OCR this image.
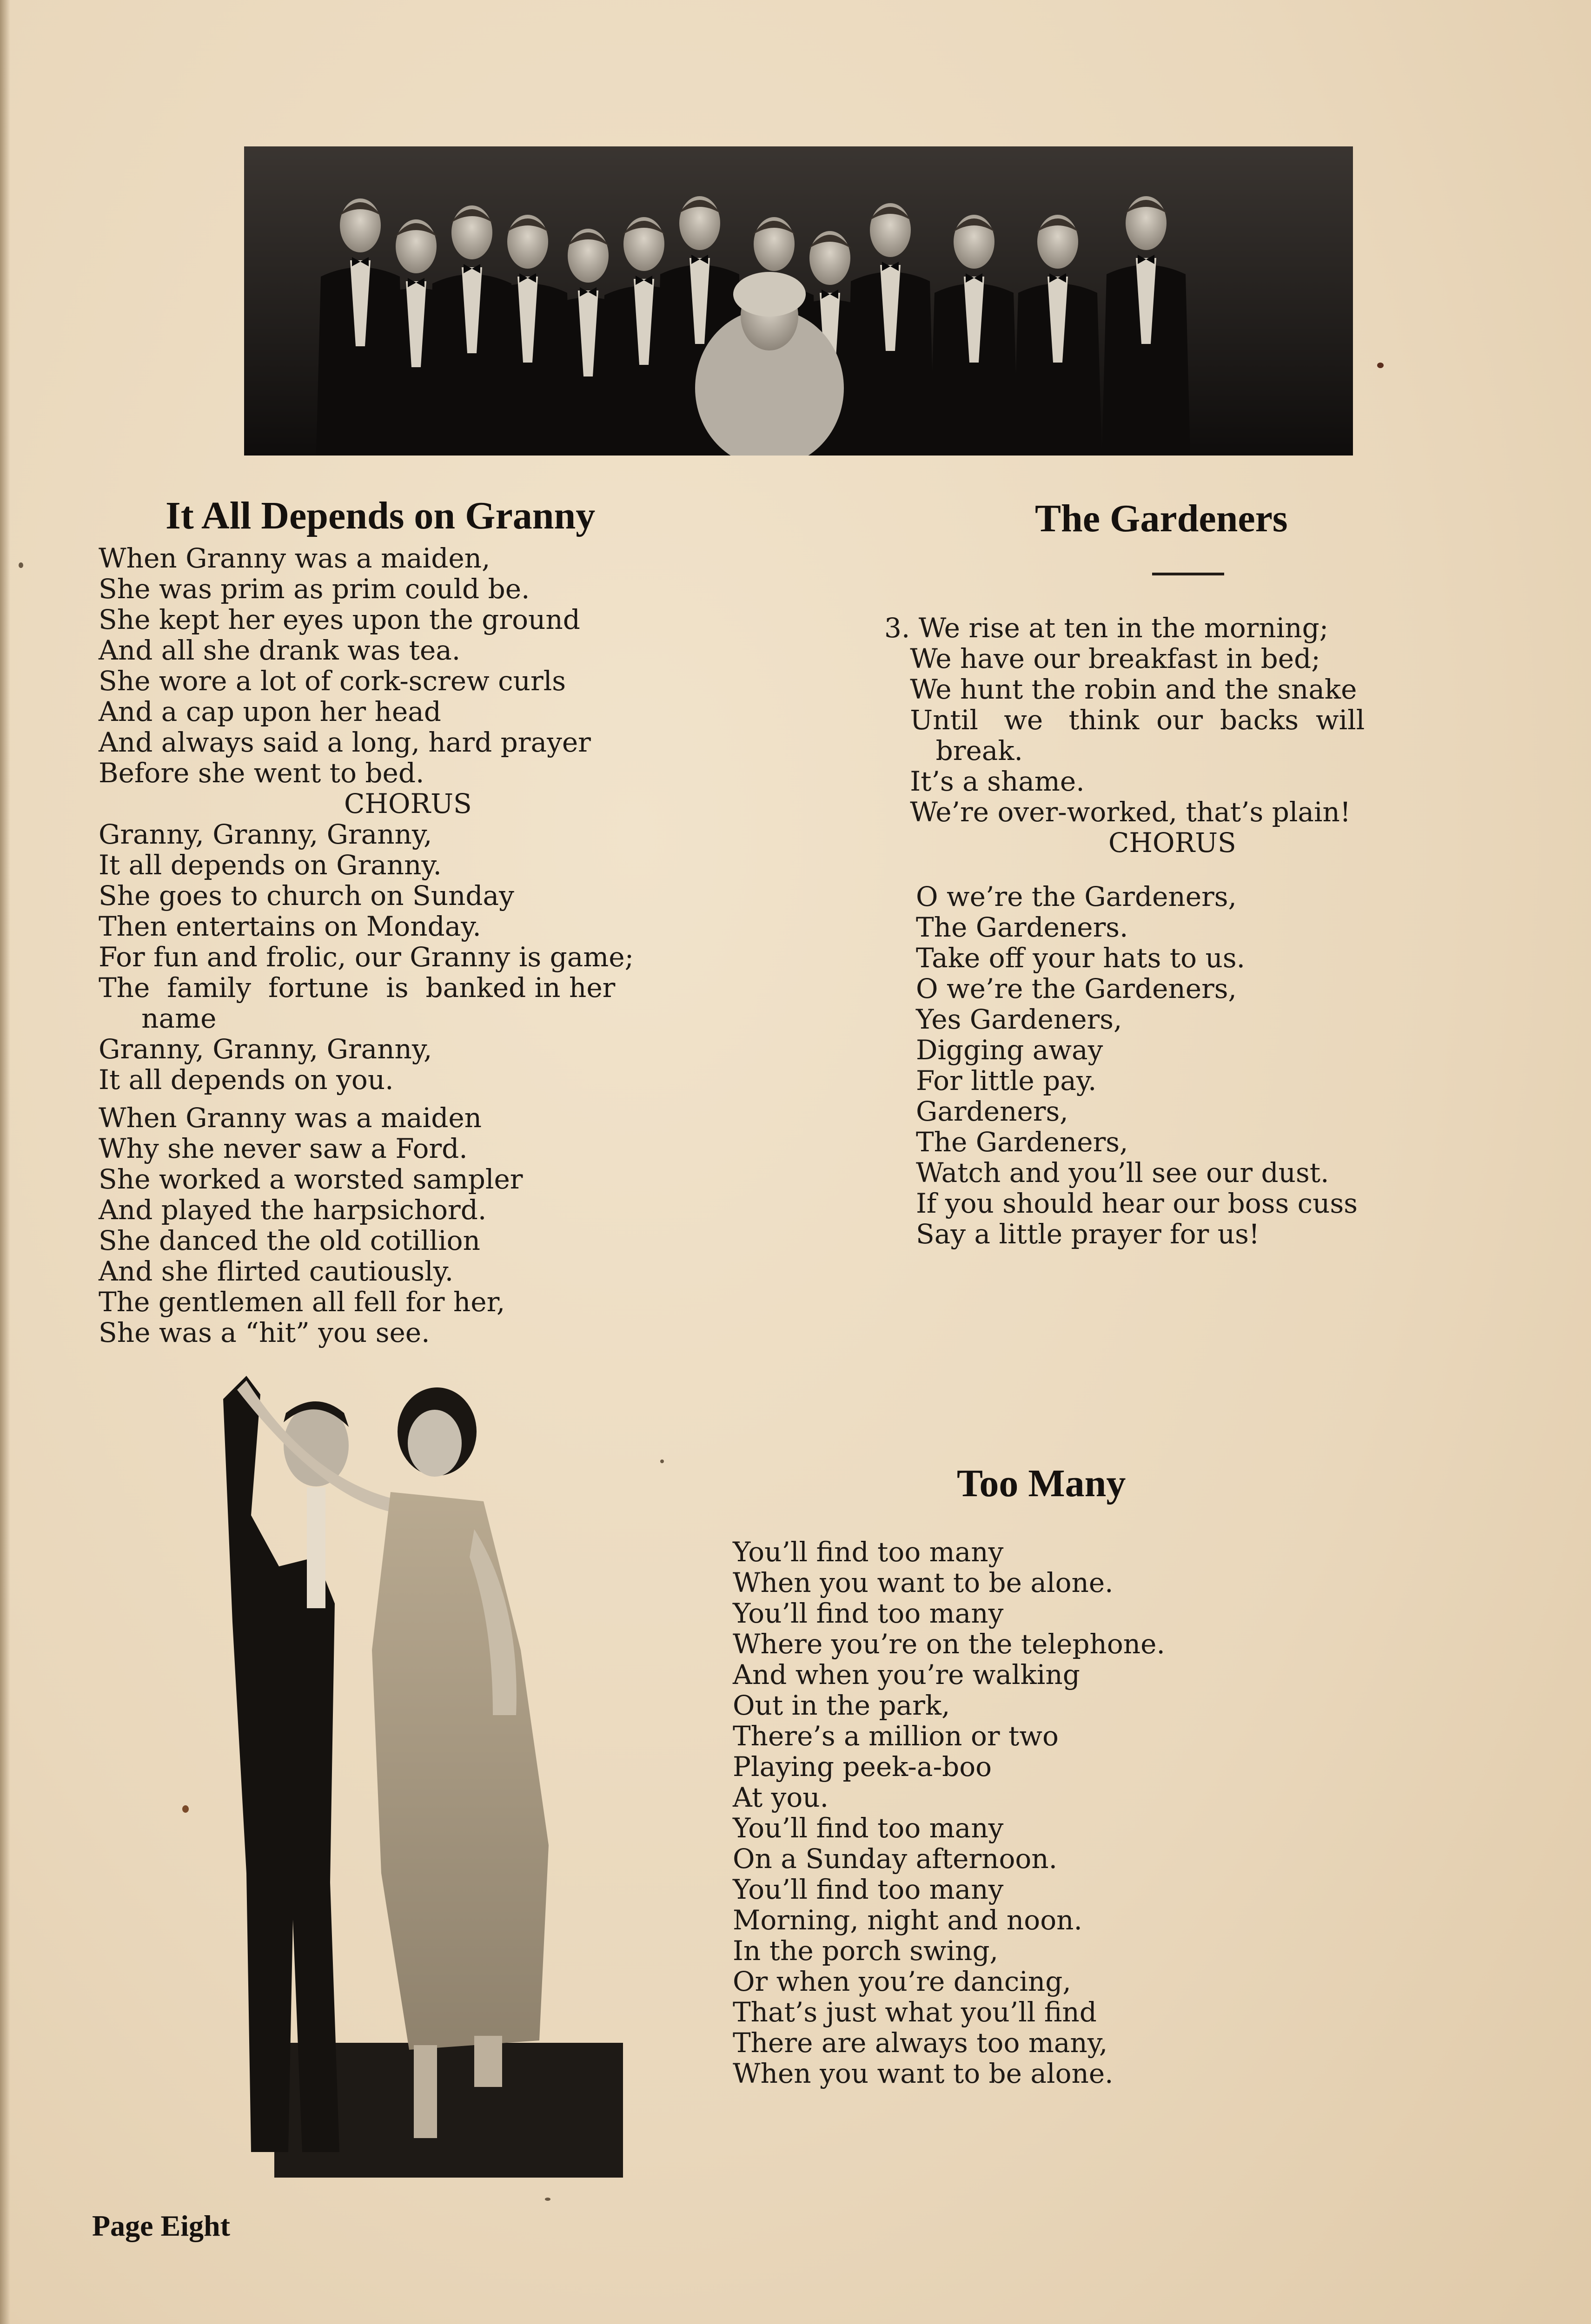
It All Depends on Granny
When Granny was a maiden,
She was prim as prim could be.
She kept her eyes upon the ground
And all she drank was tea.
She wore a lot of cork-screw curls
And a cap upon her head
And always said a long, hard prayer
Before she went to bed.
CHORUS
Granny, Granny, Granny,
It all depends on Granny.
She goes to church on Sunday
Then entertains on Monday.
For fun and frolic, our Granny is game;
The  family  fortune  is  banked in her
name
Granny, Granny, Granny,
It all depends on you.
When Granny was a maiden
Why she never saw a Ford.
She worked a worsted sampler
And played the harpsichord.
She danced the old cotillion
And she flirted cautiously.
The gentlemen all fell for her,
She was a “hit” you see.
The Gardeners
3. We rise at ten in the morning;
We have our breakfast in bed;
We hunt the robin and the snake
Until   we   think  our  backs  will
break.
It’s a shame.
We’re over-worked, that’s plain!
CHORUS
O we’re the Gardeners,
The Gardeners.
Take off your hats to us.
O we’re the Gardeners,
Yes Gardeners,
Digging away
For little pay.
Gardeners,
The Gardeners,
Watch and you’ll see our dust.
If you should hear our boss cuss
Say a little prayer for us!
Too Many
You’ll find too many
When you want to be alone.
You’ll find too many
Where you’re on the telephone.
And when you’re walking
Out in the park,
There’s a million or two
Playing peek-a-boo
At you.
You’ll find too many
On a Sunday afternoon.
You’ll find too many
Morning, night and noon.
In the porch swing,
Or when you’re dancing,
That’s just what you’ll find
There are always too many,
When you want to be alone.
Page Eight
